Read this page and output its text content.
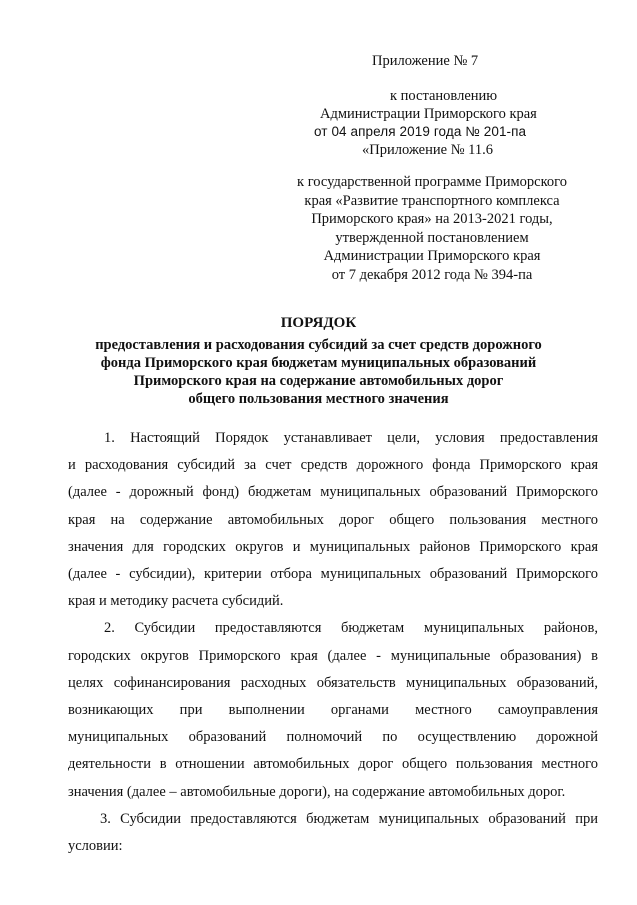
Приложение № 7
к постановлению
Администрации Приморского края
от 04 апреля 2019 года № 201-па
«Приложение № 11.6
к государственной программе Приморского
края «Развитие транспортного комплекса
Приморского края» на 2013-2021 годы,
утвержденной постановлением
Администрации Приморского края
от 7 декабря 2012 года № 394-па
ПОРЯДОК
предоставления и расходования субсидий за счет средств дорожного
фонда Приморского края бюджетам муниципальных образований
Приморского края на содержание автомобильных дорог
общего пользования местного значения
1. Настоящий Порядок устанавливает цели, условия предоставления
и расходования субсидий за счет средств дорожного фонда Приморского края
(далее - дорожный фонд) бюджетам муниципальных образований Приморского
края на содержание автомобильных дорог общего пользования местного
значения для городских округов и муниципальных районов Приморского края
(далее - субсидии), критерии отбора муниципальных образований Приморского
края и методику расчета субсидий.
2. Субсидии предоставляются бюджетам муниципальных районов,
городских округов Приморского края (далее - муниципальные образования) в
целях софинансирования расходных обязательств муниципальных образований,
возникающих при выполнении органами местного самоуправления
муниципальных образований полномочий по осуществлению дорожной
деятельности в отношении автомобильных дорог общего пользования местного
значения (далее – автомобильные дороги), на содержание автомобильных дорог.
3. Субсидии предоставляются бюджетам муниципальных образований при
условии:
